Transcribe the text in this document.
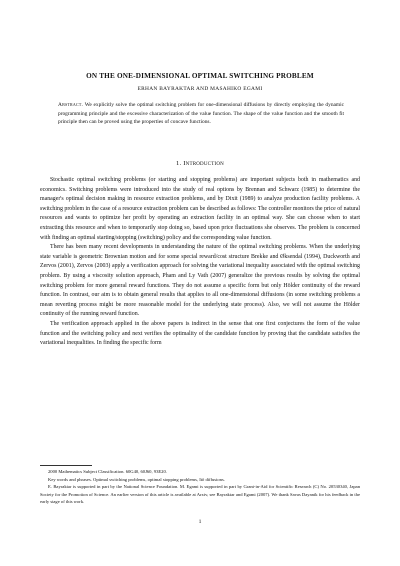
ON THE ONE-DIMENSIONAL OPTIMAL SWITCHING PROBLEM
ERHAN BAYRAKTAR AND MASAHIKO EGAMI
Abstract. We explicitly solve the optimal switching problem for one-dimensional diffusions by directly employing the dynamic programming principle and the excessive characterization of the value function. The shape of the value function and the smooth fit principle then can be proved using the properties of concave functions.
1. Introduction

Stochastic optimal switching problems (or starting and stopping problems) are important subjects both in mathematics and economics. Switching problems were introduced into the study of real options by Brennan and Schwarz (1985) to determine the manager's optimal decision making in resource extraction problems, and by Dixit (1989) to analyze production facility problems. A switching problem in the case of a resource extraction problem can be described as follows: The controller monitors the price of natural resources and wants to optimize her profit by operating an extraction facility in an optimal way. She can choose when to start extracting this resource and when to temporarily stop doing so, based upon price fluctuations she observes. The problem is concerned with finding an optimal starting/stopping (switching) policy and the corresponding value function.

There has been many recent developments in understanding the nature of the optimal switching problems. When the underlying state variable is geometric Brownian motion and for some special reward/cost structure Brekke and Øksendal (1994), Duckworth and Zervos (2001), Zervos (2003) apply a verification approach for solving the variational inequality associated with the optimal switching problem. By using a viscosity solution approach, Pham and Ly Vath (2007) generalize the previous results by solving the optimal switching problem for more general reward functions. They do not assume a specific form but only Hölder continuity of the reward function. In contrast, our aim is to obtain general results that applies to all one-dimensional diffusions (in some switching problems a mean reverting process might be more reasonable model for the underlying state process). Also, we will not assume the Hölder continuity of the running reward function.

The verification approach applied in the above papers is indirect in the sense that one first conjectures the form of the value function and the switching policy and next verifies the optimality of the candidate function by proving that the candidate satisfies the variational inequalities. In finding the specific form

2000 Mathematics Subject Classification. 60G40, 60J60, 93E20.
Key words and phrases. Optimal switching problems, optimal stopping problems, Itô diffusions.
E. Bayraktar is supported in part by the National Science Foundation. M. Egami is supported in part by Grant-in-Aid for Scientific Research (C) No. 20530340, Japan Society for the Promotion of Science. An earlier version of this article is available at Arxiv, see Bayraktar and Egami (2007). We thank Savas Dayanik for his feedback in the early stage of this work.
1
